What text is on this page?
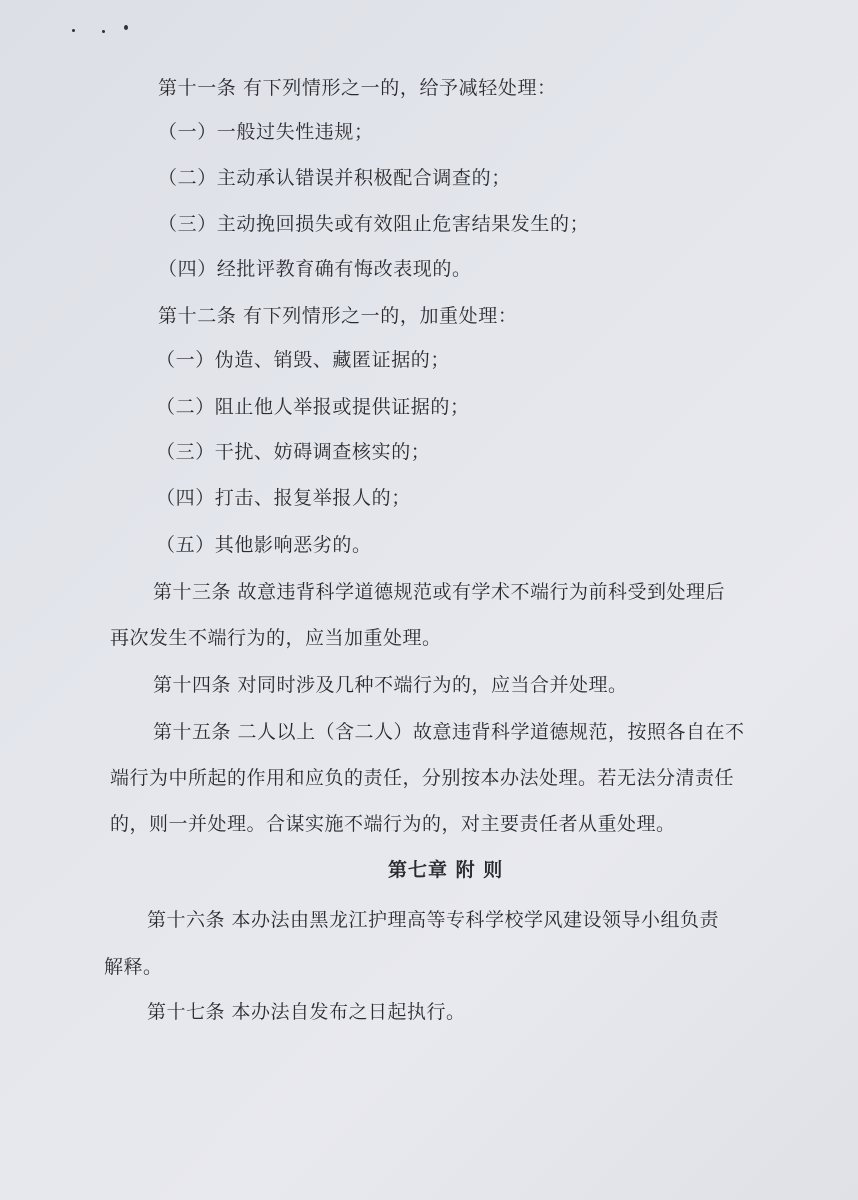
第十一条 有下列情形之一的，给予减轻处理：
（一）一般过失性违规；
（二）主动承认错误并积极配合调查的；
（三）主动挽回损失或有效阻止危害结果发生的；
（四）经批评教育确有悔改表现的。
第十二条 有下列情形之一的，加重处理：
（一）伪造、销毁、藏匿证据的；
（二）阻止他人举报或提供证据的；
（三）干扰、妨碍调查核实的；
（四）打击、报复举报人的；
（五）其他影响恶劣的。
第十三条 故意违背科学道德规范或有学术不端行为前科受到处理后
再次发生不端行为的，应当加重处理。
第十四条 对同时涉及几种不端行为的，应当合并处理。
第十五条 二人以上（含二人）故意违背科学道德规范，按照各自在不
端行为中所起的作用和应负的责任，分别按本办法处理。若无法分清责任
的，则一并处理。合谋实施不端行为的，对主要责任者从重处理。
第七章 附 则
第十六条 本办法由黑龙江护理高等专科学校学风建设领导小组负责
解释。
第十七条 本办法自发布之日起执行。
